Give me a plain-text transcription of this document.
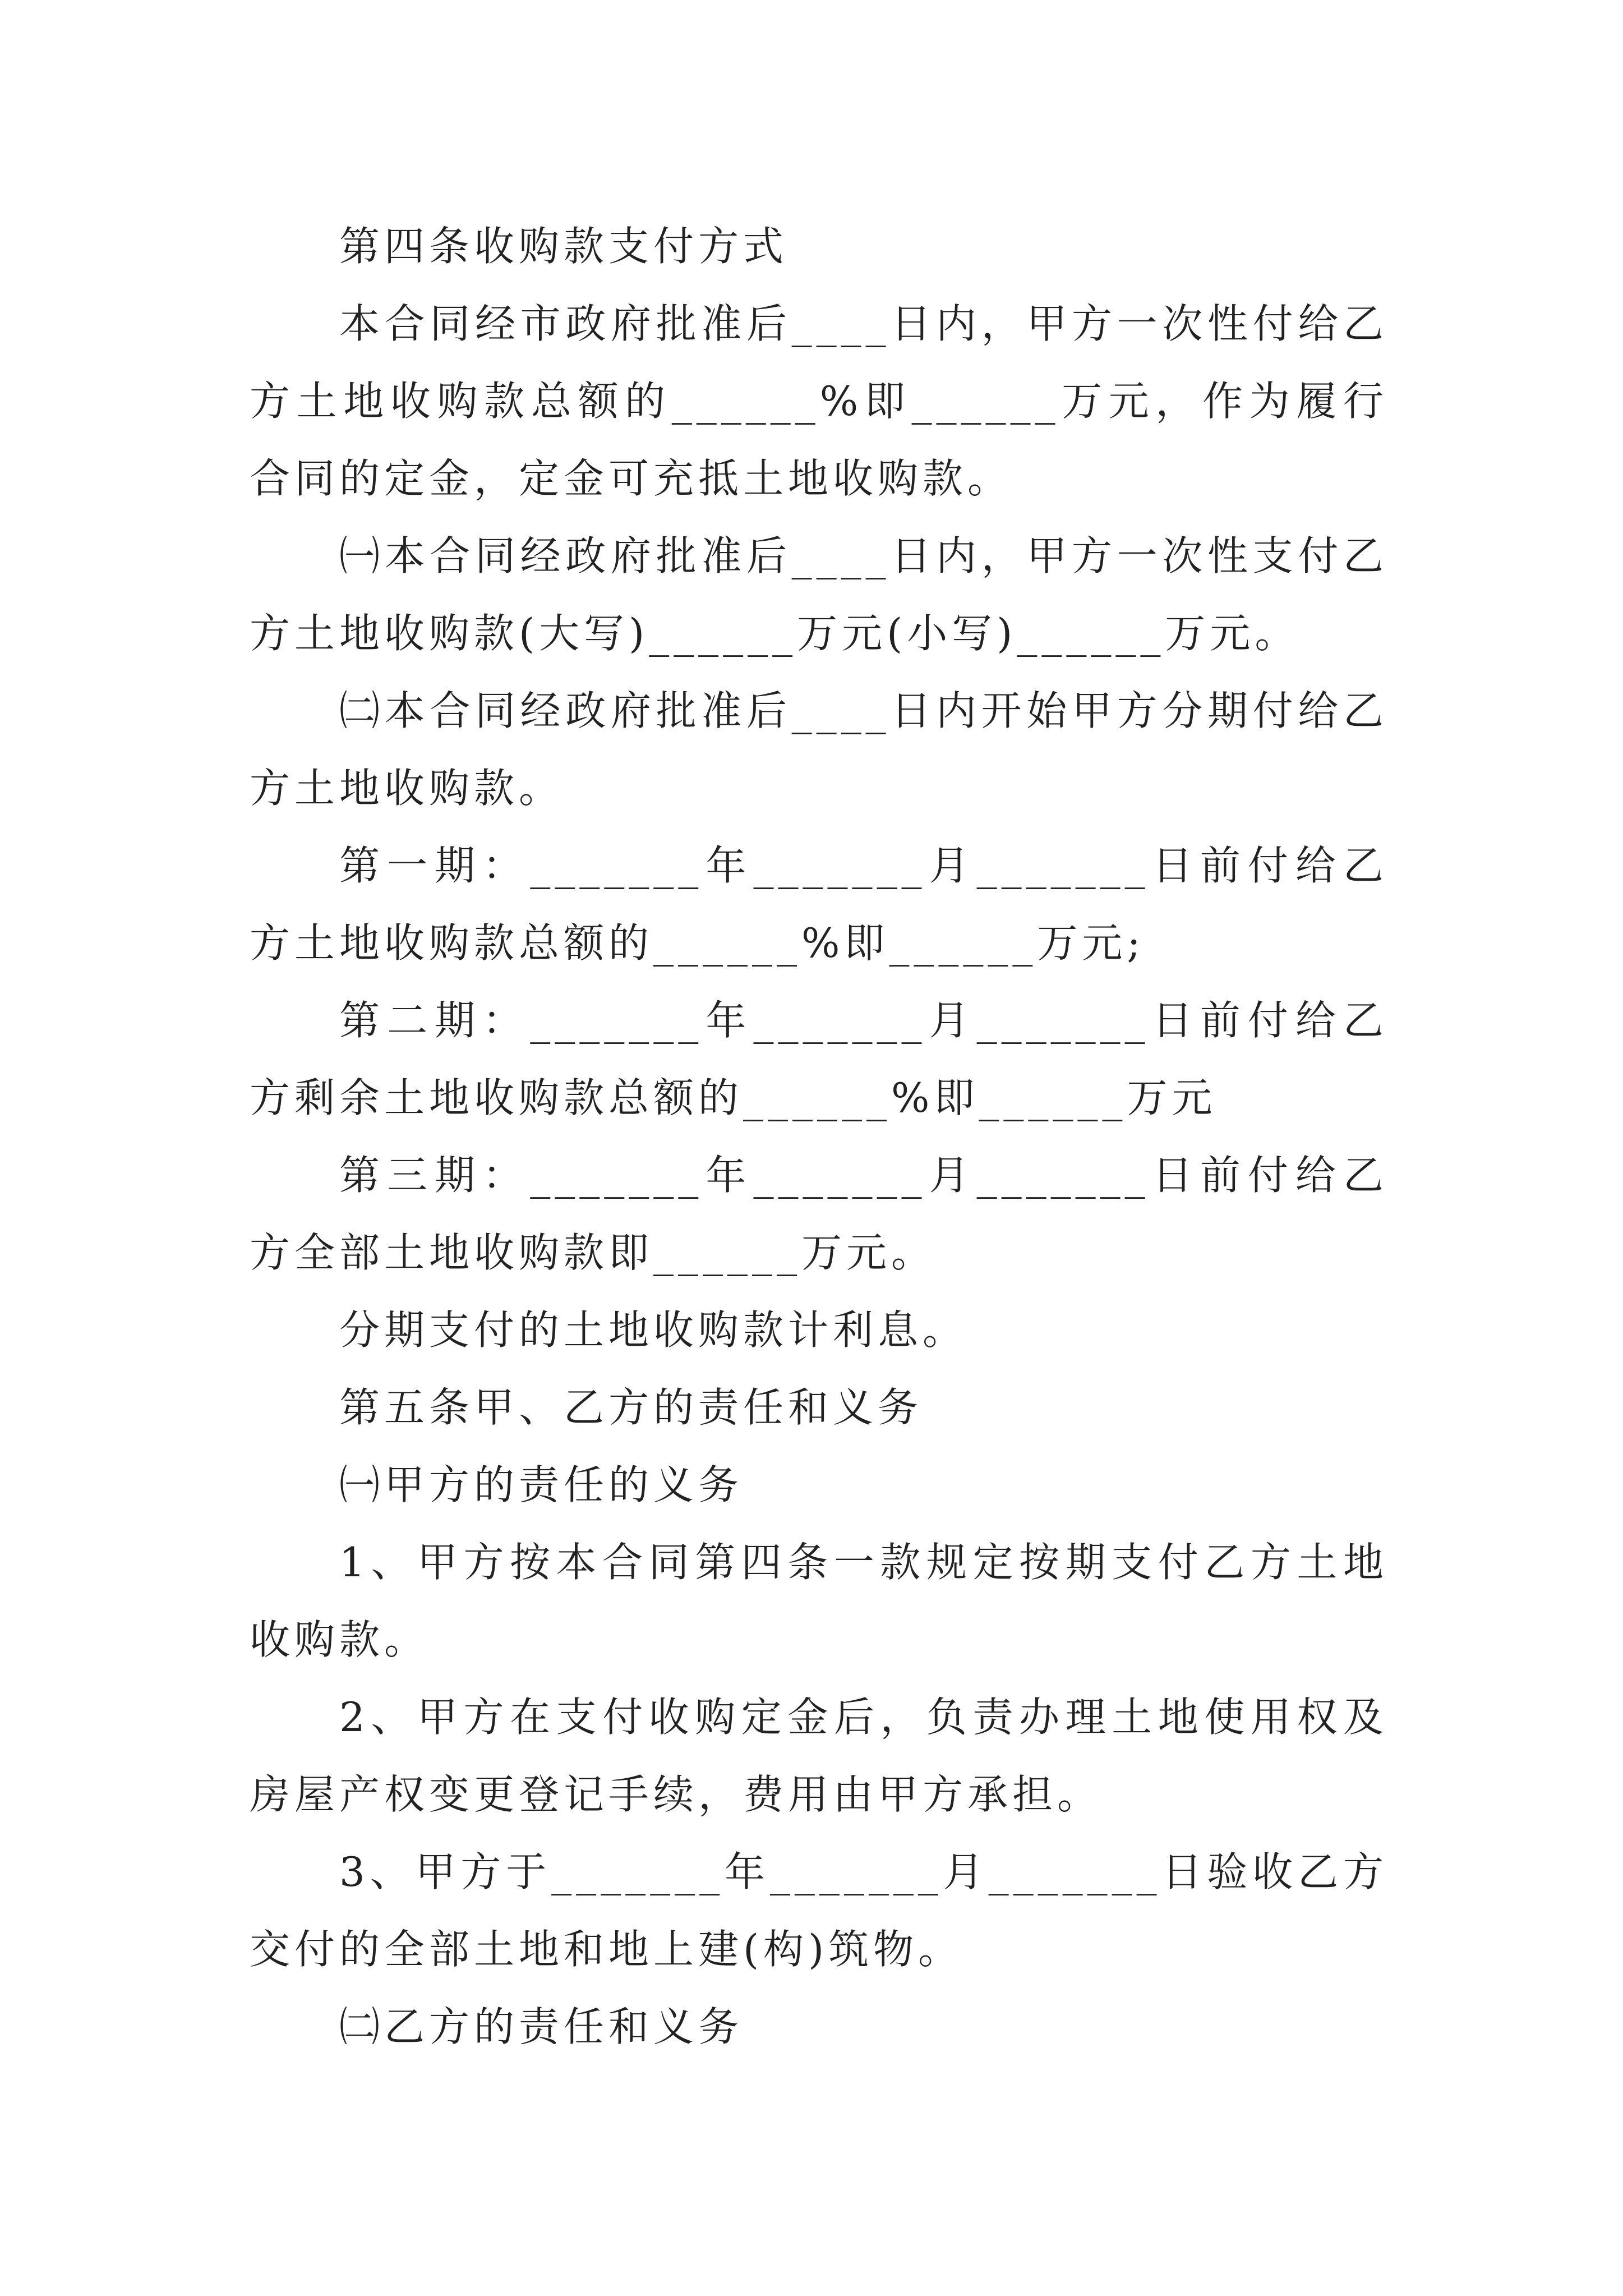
第四条收购款支付方式

本合同经市政府批准后____日内，甲方一次性付给乙方土地收购款总额的______%即______万元，作为履行合同的定金，定金可充抵土地收购款。

㈠本合同经政府批准后____日内，甲方一次性支付乙方土地收购款(大写)______万元(小写)______万元。

㈡本合同经政府批准后____日内开始甲方分期付给乙方土地收购款。

第一期：_______年_______月_______日前付给乙方土地收购款总额的______%即______万元;

第二期：_______年_______月_______日前付给乙方剩余土地收购款总额的______%即______万元

第三期：_______年_______月_______日前付给乙方全部土地收购款即______万元。

分期支付的土地收购款计利息。

第五条甲、乙方的责任和义务

㈠甲方的责任的义务

1、甲方按本合同第四条一款规定按期支付乙方土地收购款。

2、甲方在支付收购定金后，负责办理土地使用权及房屋产权变更登记手续，费用由甲方承担。

3、甲方于_______年_______月_______日验收乙方交付的全部土地和地上建(构)筑物。

㈡乙方的责任和义务
